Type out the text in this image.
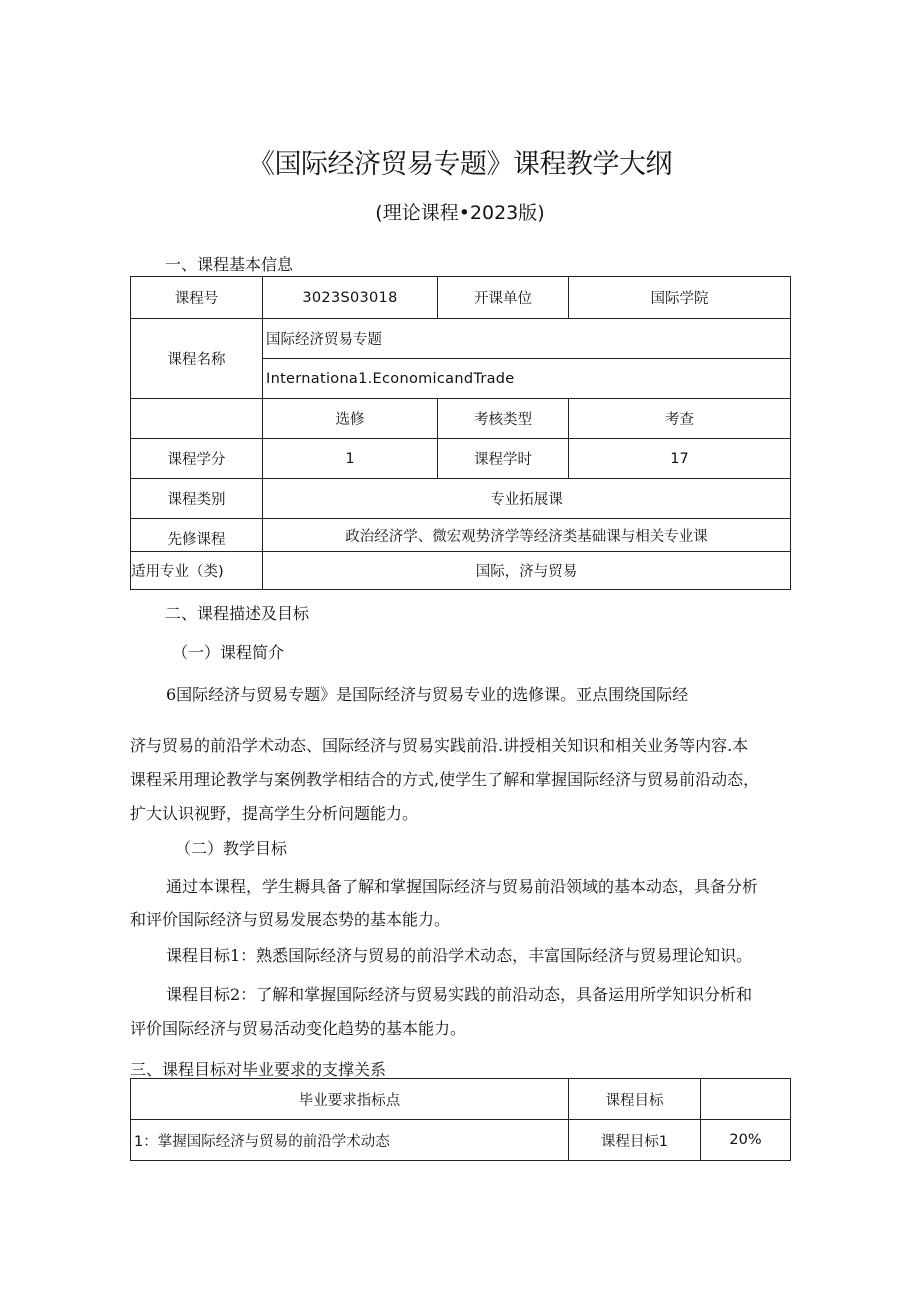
《国际经济贸易专题》课程教学大纲
(理论课程•2023版)
一、课程基本信息
课程号	3023S03018	开课单位	国际学院
课程名称	国际经济贸易专题		
	Internationa1.EconomicandTrade		
	选修	考核类型	考查
课程学分	1	课程学时	17
课程类别	专业拓展课		
先修课程	政治经济学、微宏观势济学等经济类基础课与相关专业课		
适用专业（类)	国际，济与贸易		
二、课程描述及目标
（一）课程简介
6国际经济与贸易专题》是国际经济与贸易专业的选修课。亚点围绕国际经
济与贸易的前沿学术动态、国际经济与贸易实践前沿.讲授相关知识和相关业务等内容.本
课程采用理论教学与案例教学相结合的方式,使学生了解和掌握国际经济与贸易前沿动态，
扩大认识视野，提高学生分析问题能力。
（二）教学目标
通过本课程，学生耨具备了解和掌握国际经济与贸易前沿领域的基本动态，具备分析
和评价国际经济与贸易发展态势的基本能力。
课程目标1：熟悉国际经济与贸易的前沿学术动态，丰富国际经济与贸易理论知识。
课程目标2：了解和掌握国际经济与贸易实践的前沿动态，具备运用所学知识分析和
评价国际经济与贸易活动变化趋势的基本能力。
三、课程目标对毕业要求的支撑关系
毕业要求指标点	课程目标	
1：掌握国际经济与贸易的前沿学术动态	课程目标1	20%
